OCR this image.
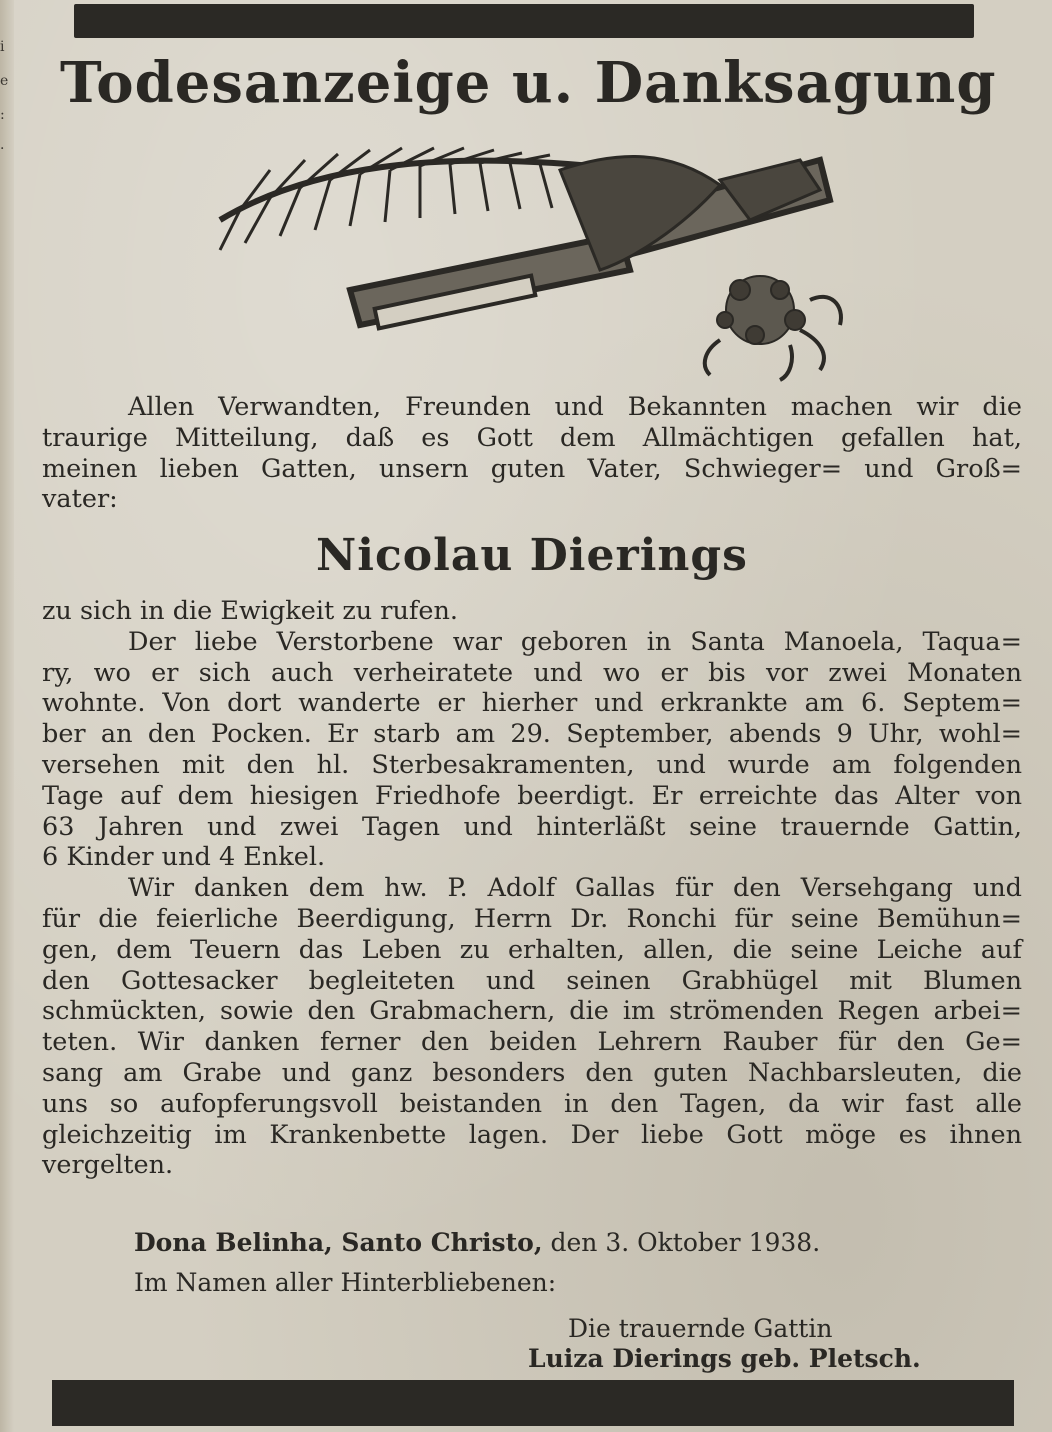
i
e
:
·
Todesanzeige u. Danksagung
Allen Verwandten, Freunden und Bekannten machen wir die
traurige Mitteilung, daß es Gott dem Allmächtigen gefallen hat,
meinen lieben Gatten, unsern guten Vater, Schwieger= und Groß=
vater:
Nicolau Dierings
zu sich in die Ewigkeit zu rufen.
Der liebe Verstorbene war geboren in Santa Manoela, Taqua=
ry, wo er sich auch verheiratete und wo er bis vor zwei Monaten
wohnte. Von dort wanderte er hierher und erkrankte am 6. Septem=
ber an den Pocken. Er starb am 29. September, abends 9 Uhr, wohl=
versehen mit den hl. Sterbesakramenten, und wurde am folgenden
Tage auf dem hiesigen Friedhofe beerdigt. Er erreichte das Alter von
63 Jahren und zwei Tagen und hinterläßt seine trauernde Gattin,
6 Kinder und 4 Enkel.
Wir danken dem hw. P. Adolf Gallas für den Versehgang und
für die feierliche Beerdigung, Herrn Dr. Ronchi für seine Bemühun=
gen, dem Teuern das Leben zu erhalten, allen, die seine Leiche auf
den Gottesacker begleiteten und seinen Grabhügel mit Blumen
schmückten, sowie den Grabmachern, die im strömenden Regen arbei=
teten. Wir danken ferner den beiden Lehrern Rauber für den Ge=
sang am Grabe und ganz besonders den guten Nachbarsleuten, die
uns so aufopferungsvoll beistanden in den Tagen, da wir fast alle
gleichzeitig im Krankenbette lagen. Der liebe Gott möge es ihnen
vergelten.
Dona Belinha, Santo Christo, den 3. Oktober 1938.
Im Namen aller Hinterbliebenen:
Die trauernde Gattin
Luiza Dierings geb. Pletsch.
